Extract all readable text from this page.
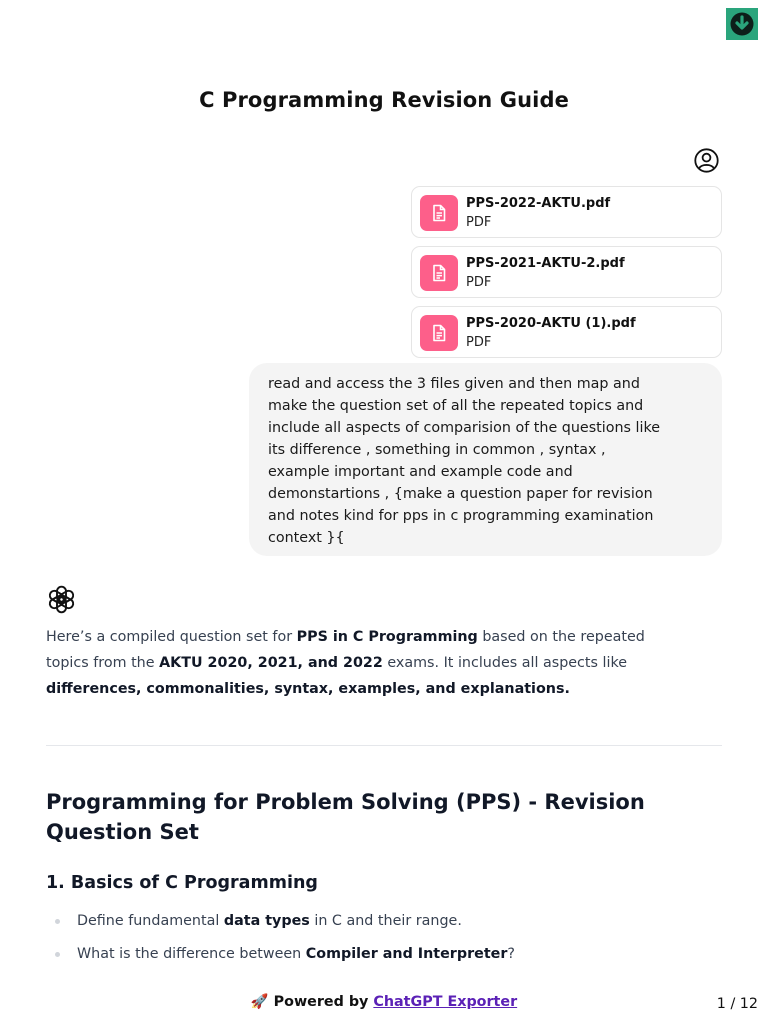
C Programming Revision Guide
PPS-2022-AKTU.pdf
PDF
PPS-2021-AKTU-2.pdf
PDF
PPS-2020-AKTU (1).pdf
PDF
read and access the 3 files given and then map and
make the question set of all the repeated topics and
include all aspects of comparision of the questions like
its difference , something in common , syntax ,
example important and example code and
demonstartions , {make a question paper for revision
and notes kind for pps in c programming examination
context }{
Here’s a compiled question set for PPS in C Programming based on the repeated
topics from the AKTU 2020, 2021, and 2022 exams. It includes all aspects like
differences, commonalities, syntax, examples, and explanations.
Programming for Problem Solving (PPS) - Revision
Question Set
1. Basics of C Programming
Define fundamental data types in C and their range.
What is the difference between Compiler and Interpreter?
🚀 Powered by ChatGPT Exporter	1 / 12
